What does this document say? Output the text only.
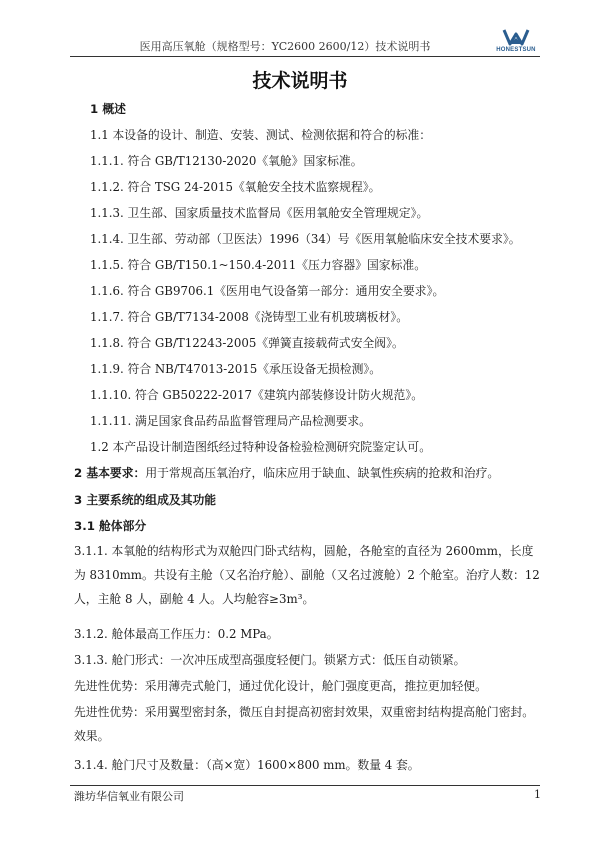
医用高压氧舱（规格型号：YC2600 2600/12）技术说明书	HONESTSUN
技术说明书
1 概述
1.1 本设备的设计、制造、安装、测试、检测依据和符合的标准：
1.1.1. 符合 GB/T12130-2020《氧舱》国家标准。
1.1.2. 符合 TSG 24-2015《氧舱安全技术监察规程》。
1.1.3. 卫生部、国家质量技术监督局《医用氧舱安全管理规定》。
1.1.4. 卫生部、劳动部（卫医法）1996（34）号《医用氧舱临床安全技术要求》。
1.1.5. 符合 GB/T150.1~150.4-2011《压力容器》国家标准。
1.1.6. 符合 GB9706.1《医用电气设备第一部分：通用安全要求》。
1.1.7. 符合 GB/T7134-2008《浇铸型工业有机玻璃板材》。
1.1.8. 符合 GB/T12243-2005《弹簧直接载荷式安全阀》。
1.1.9. 符合 NB/T47013-2015《承压设备无损检测》。
1.1.10. 符合 GB50222-2017《建筑内部装修设计防火规范》。
1.1.11. 满足国家食品药品监督管理局产品检测要求。
1.2 本产品设计制造图纸经过特种设备检验检测研究院鉴定认可。
2 基本要求：用于常规高压氧治疗，临床应用于缺血、缺氧性疾病的抢救和治疗。
3 主要系统的组成及其功能
3.1 舱体部分
3.1.1. 本氧舱的结构形式为双舱四门卧式结构，圆舱，各舱室的直径为 2600mm，长度为 8310mm。共设有主舱（又名治疗舱）、副舱（又名过渡舱）2 个舱室。治疗人数：12 人，主舱 8 人，副舱 4 人。人均舱容≥3m³。
3.1.2. 舱体最高工作压力：0.2 MPa。
3.1.3. 舱门形式：一次冲压成型高强度轻便门。锁紧方式：低压自动锁紧。
先进性优势：采用薄壳式舱门，通过优化设计，舱门强度更高，推拉更加轻便。
先进性优势：采用翼型密封条，微压自封提高初密封效果，双重密封结构提高舱门密封。效果。
3.1.4. 舱门尺寸及数量：（高×宽）1600×800 mm。数量 4 套。
潍坊华信氧业有限公司	1
